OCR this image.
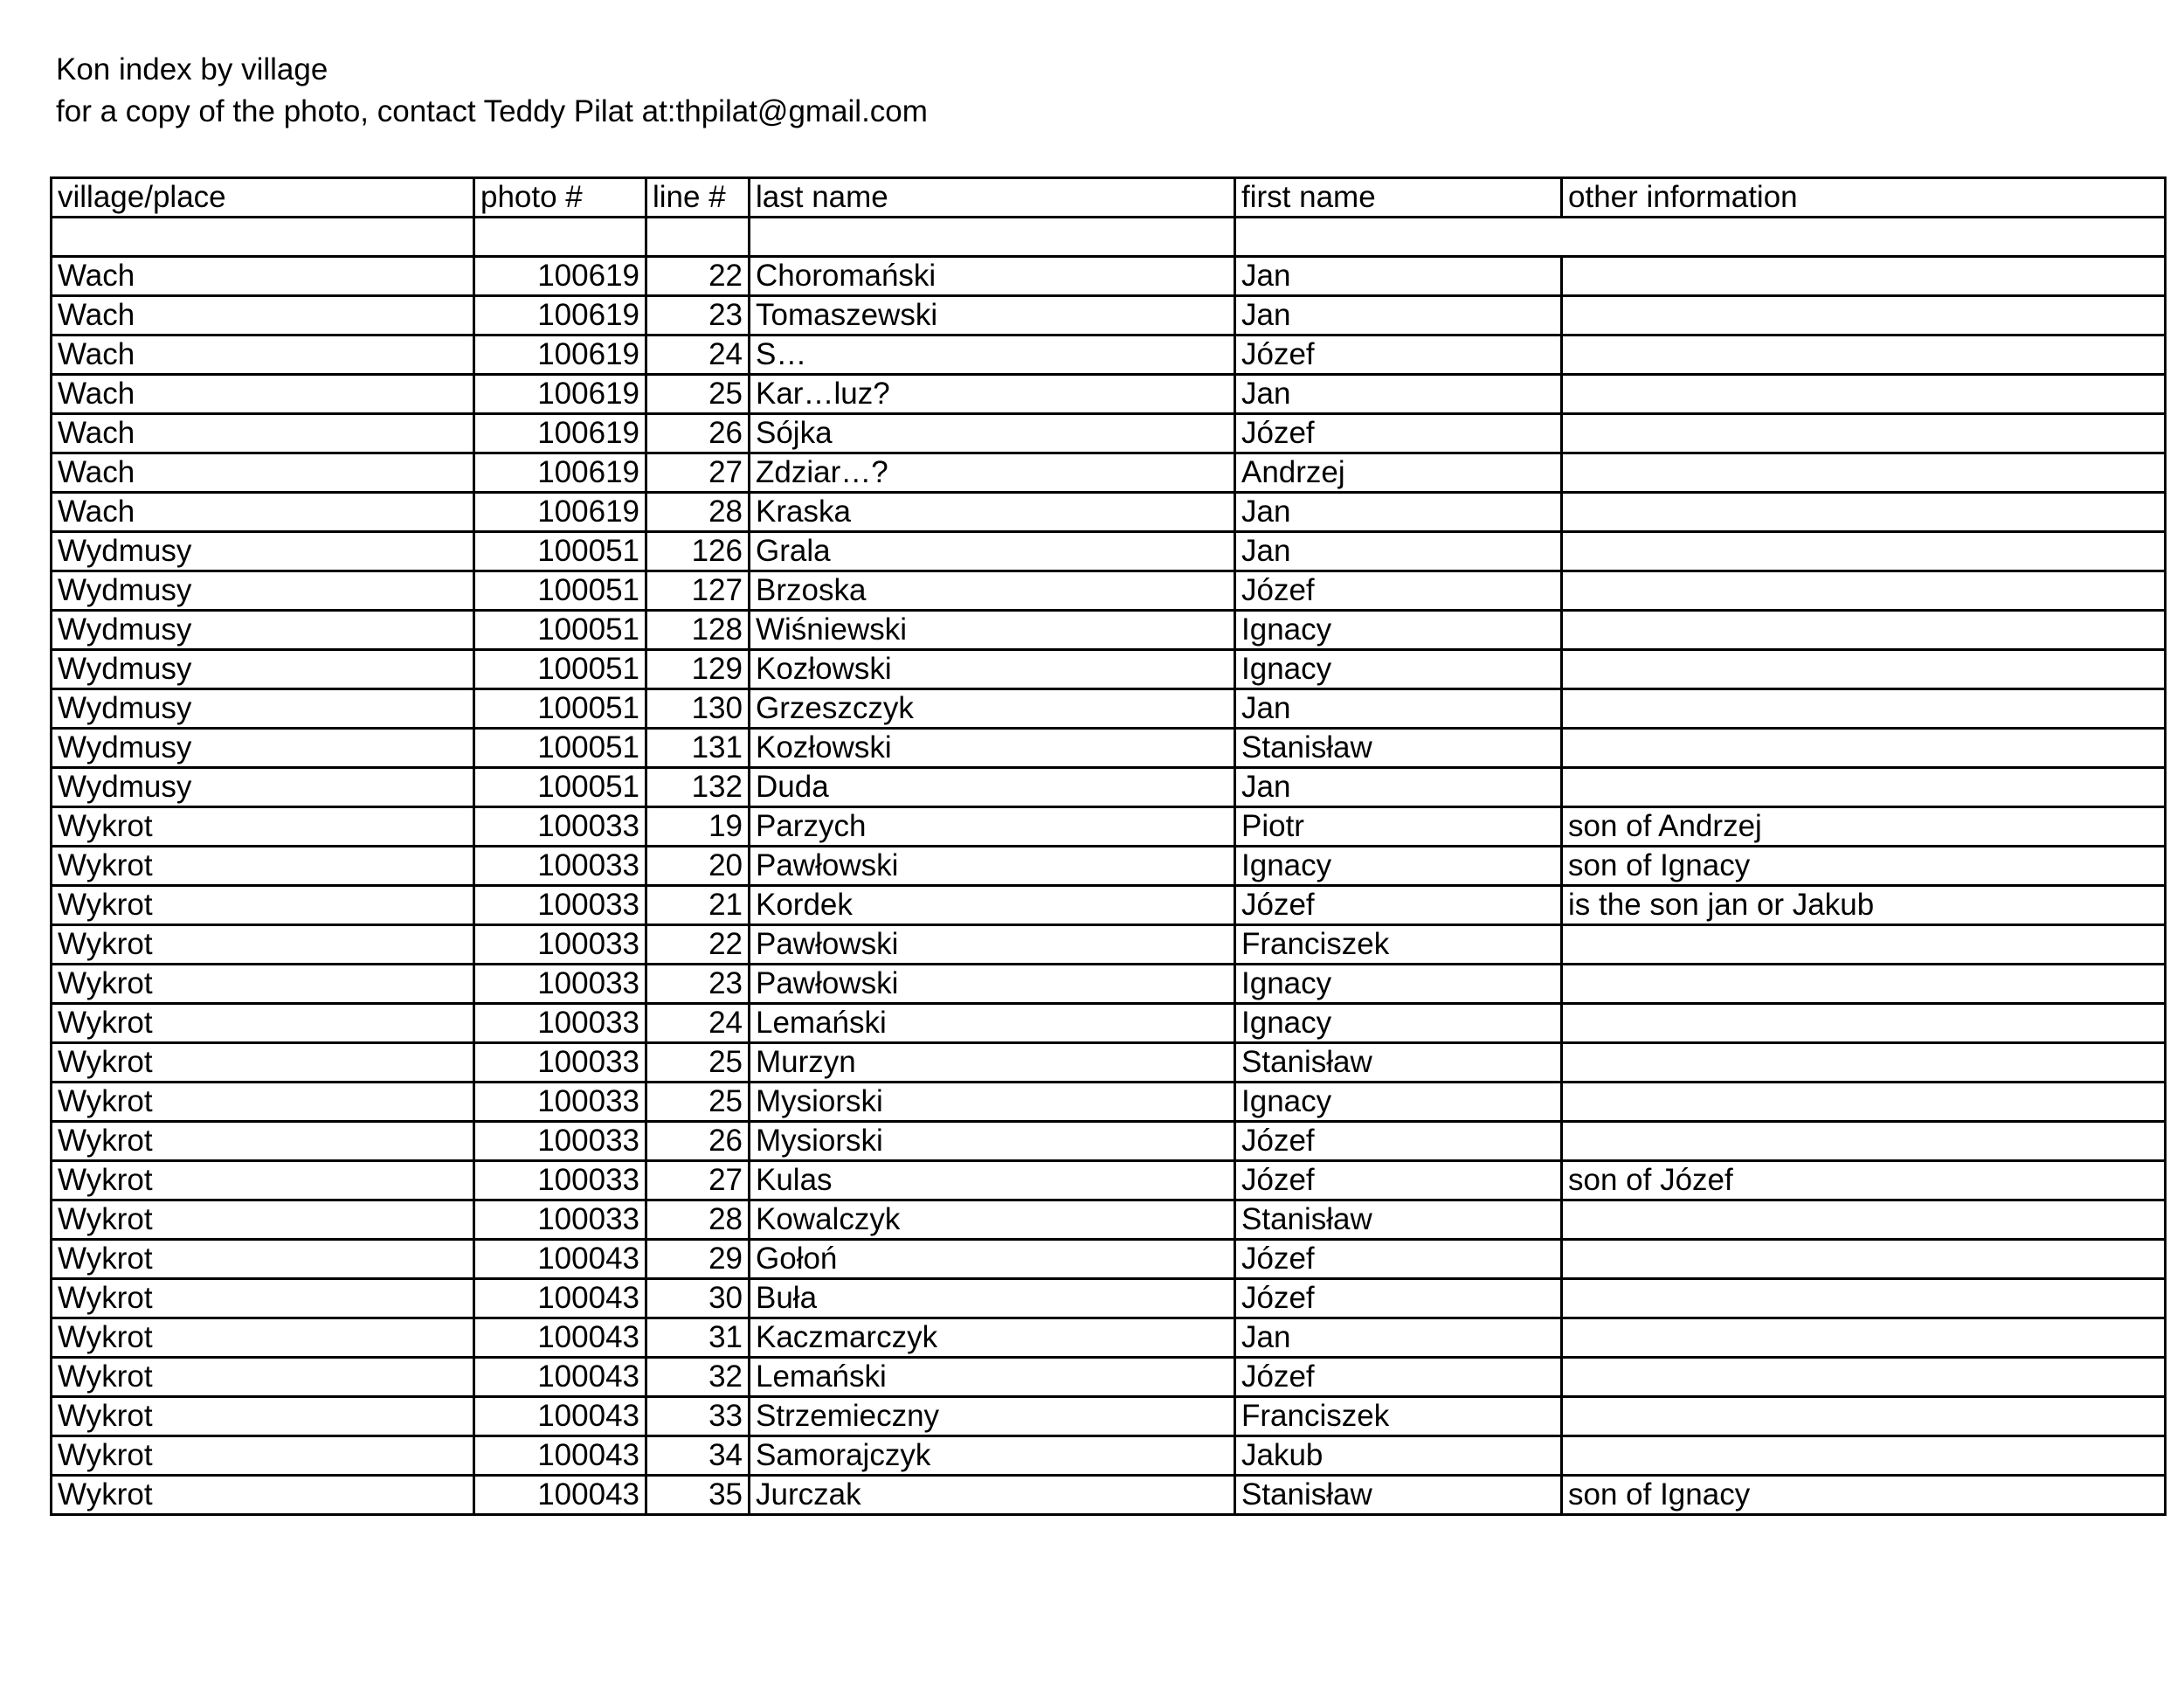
Kon index by village
for a copy of the photo, contact Teddy Pilat at:thpilat@gmail.com
village/place	photo #	line #	last name	first name	other information

Wach	100619	22	Choromański	Jan	
Wach	100619	23	Tomaszewski	Jan	
Wach	100619	24	S…	Józef	
Wach	100619	25	Kar…luz?	Jan	
Wach	100619	26	Sójka	Józef	
Wach	100619	27	Zdziar…?	Andrzej	
Wach	100619	28	Kraska	Jan	
Wydmusy	100051	126	Grala	Jan	
Wydmusy	100051	127	Brzoska	Józef	
Wydmusy	100051	128	Wiśniewski	Ignacy	
Wydmusy	100051	129	Kozłowski	Ignacy	
Wydmusy	100051	130	Grzeszczyk	Jan	
Wydmusy	100051	131	Kozłowski	Stanisław	
Wydmusy	100051	132	Duda	Jan	
Wykrot	100033	19	Parzych	Piotr	son of Andrzej
Wykrot	100033	20	Pawłowski	Ignacy	son of Ignacy
Wykrot	100033	21	Kordek	Józef	is the son jan or Jakub
Wykrot	100033	22	Pawłowski	Franciszek	
Wykrot	100033	23	Pawłowski	Ignacy	
Wykrot	100033	24	Lemański	Ignacy	
Wykrot	100033	25	Murzyn	Stanisław	
Wykrot	100033	25	Mysiorski	Ignacy	
Wykrot	100033	26	Mysiorski	Józef	
Wykrot	100033	27	Kulas	Józef	son of Józef
Wykrot	100033	28	Kowalczyk	Stanisław	
Wykrot	100043	29	Gołoń	Józef	
Wykrot	100043	30	Buła	Józef	
Wykrot	100043	31	Kaczmarczyk	Jan	
Wykrot	100043	32	Lemański	Józef	
Wykrot	100043	33	Strzemieczny	Franciszek	
Wykrot	100043	34	Samorajczyk	Jakub	
Wykrot	100043	35	Jurczak	Stanisław	son of Ignacy
